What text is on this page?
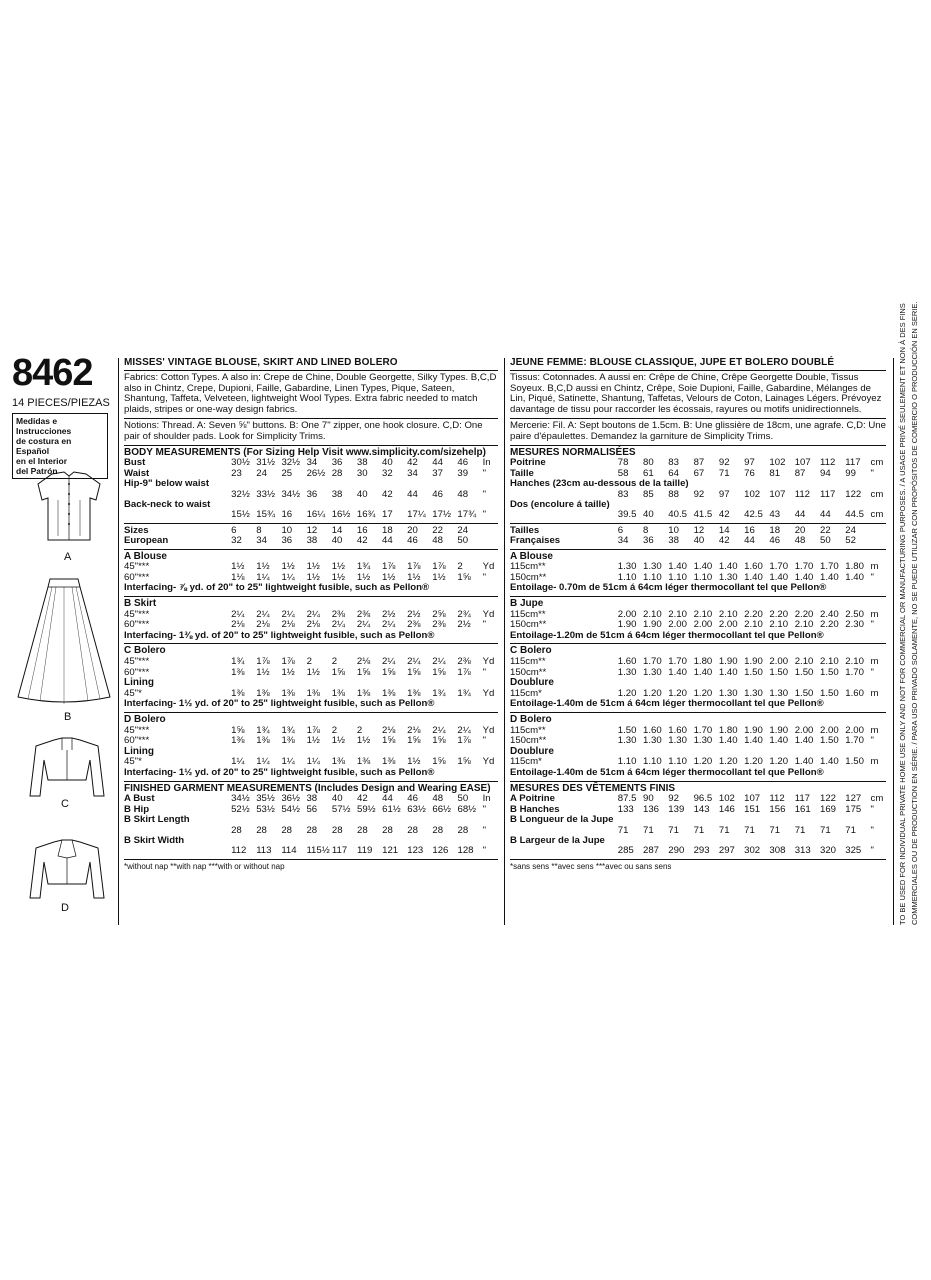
8462
14 PIECES/PIEZAS
Medidas e Instrucciones
de costura en Español
en el Interior
del Patrón
A
B
C
D
MISSES' VINTAGE BLOUSE, SKIRT AND LINED BOLERO
Fabrics: Cotton Types. A also in: Crepe de Chine, Double Georgette, Silky Types. B,C,D also in Chintz, Crepe, Dupioni, Faille, Gabardine, Linen Types, Pique, Sateen, Shantung, Taffeta, Velveteen, lightweight Wool Types. Extra fabric needed to match plaids, stripes or one-way design fabrics.
Notions: Thread. A: Seven ⅝" buttons. B: One 7" zipper, one hook closure. C,D: One pair of shoulder pads. Look for Simplicity Trims.
BODY MEASUREMENTS (For Sizing Help Visit www.simplicity.com/sizehelp)
Bust	30½	31½	32½	34	36	38	40	42	44	46	In
Waist	23	24	25	26½	28	30	32	34	37	39	"
Hip-9" below waist											
	32½	33½	34½	36	38	40	42	44	46	48	"
Back-neck to waist											
	15½	15¾	16	16¼	16½	16¾	17	17¼	17½	17¾	"
Sizes	6	8	10	12	14	16	18	20	22	24	
European	32	34	36	38	40	42	44	46	48	50	
A Blouse
45"***	1½	1½	1½	1½	1½	1¾	1⅞	1⅞	1⅞	2	Yd
60"***	1⅛	1¼	1¼	1½	1½	1½	1½	1½	1½	1⅝	"
Interfacing- ⅞ yd. of 20" to 25" lightweight fusible, such as Pellon®
B Skirt
45"***	2¼	2¼	2¼	2¼	2⅜	2⅜	2½	2½	2⅝	2¾	Yd
60"***	2⅛	2⅛	2⅛	2⅛	2¼	2¼	2¼	2⅜	2⅜	2½	"
Interfacing- 1⅜ yd. of 20" to 25" lightweight fusible, such as Pellon®
C Bolero
45"***	1¾	1⅞	1⅞	2	2	2⅛	2¼	2¼	2¼	2⅜	Yd
60"***	1⅜	1½	1½	1½	1⅝	1⅝	1⅝	1⅝	1⅝	1⅞	"
Lining
45"*	1⅜	1⅜	1⅜	1⅜	1⅜	1⅜	1⅜	1⅜	1¾	1¾	Yd
Interfacing- 1½ yd. of 20" to 25" lightweight fusible, such as Pellon®
D Bolero
45"***	1⅝	1¾	1¾	1⅞	2	2	2⅛	2⅛	2¼	2¼	Yd
60"***	1⅜	1⅜	1⅜	1½	1½	1½	1⅝	1⅝	1⅝	1⅞	"
Lining
45"*	1¼	1¼	1¼	1¼	1⅜	1⅜	1⅜	1½	1⅝	1⅝	Yd
Interfacing- 1½ yd. of 20" to 25" lightweight fusible, such as Pellon®
FINISHED GARMENT MEASUREMENTS (Includes Design and Wearing EASE)
A Bust	34½	35½	36½	38	40	42	44	46	48	50	In
B Hip	52½	53½	54½	56	57½	59½	61½	63½	66½	68½	"
B Skirt Length											
	28	28	28	28	28	28	28	28	28	28	"
B Skirt Width											
	112	113	114	115½	117	119	121	123	126	128	"
*without nap **with nap ***with or without nap
JEUNE FEMME: BLOUSE CLASSIQUE, JUPE ET BOLERO DOUBLÉ
Tissus: Cotonnades. A aussi en: Crêpe de Chine, Crêpe Georgette Double, Tissus Soyeux. B,C,D aussi en Chintz, Crêpe, Soie Dupioni, Faille, Gabardine, Mélanges de Lin, Piqué, Satinette, Shantung, Taffetas, Velours de Coton, Lainages Légers. Prévoyez davantage de tissu pour raccorder les écossais, rayures ou motifs unidirectionnels.
Mercerie: Fil. A: Sept boutons de 1.5cm. B: Une glissière de 18cm, une agrafe. C,D: Une paire d'épaulettes. Demandez la garniture de Simplicity Trims.
MESURES NORMALISÉES
Poitrine	78	80	83	87	92	97	102	107	112	117	cm
Taille	58	61	64	67	71	76	81	87	94	99	"
Hanches (23cm au-dessous de la taille)											
	83	85	88	92	97	102	107	112	117	122	cm
Dos (encolure á taille)											
	39.5	40	40.5	41.5	42	42.5	43	44	44	44.5	cm
Tailles	6	8	10	12	14	16	18	20	22	24	
Françaises	34	36	38	40	42	44	46	48	50	52	
A Blouse
115cm**	1.30	1.30	1.40	1.40	1.40	1.60	1.70	1.70	1.70	1.80	m
150cm**	1.10	1.10	1.10	1.10	1.30	1.40	1.40	1.40	1.40	1.40	"
Entoilage- 0.70m de 51cm á 64cm léger thermocollant tel que Pellon®
B Jupe
115cm**	2.00	2.10	2.10	2.10	2.10	2.20	2.20	2.20	2.40	2.50	m
150cm**	1.90	1.90	2.00	2.00	2.00	2.10	2.10	2.10	2.20	2.30	"
Entoilage-1.20m de 51cm á 64cm léger thermocollant tel que Pellon®
C Bolero
115cm**	1.60	1.70	1.70	1.80	1.90	1.90	2.00	2.10	2.10	2.10	m
150cm**	1.30	1.30	1.40	1.40	1.40	1.50	1.50	1.50	1.50	1.70	"
Doublure
115cm*	1.20	1.20	1.20	1.20	1.30	1.30	1.30	1.50	1.50	1.60	m
Entoilage-1.40m de 51cm á 64cm léger thermocollant tel que Pellon®
D Bolero
115cm**	1.50	1.60	1.60	1.70	1.80	1.90	1.90	2.00	2.00	2.00	m
150cm**	1.30	1.30	1.30	1.30	1.40	1.40	1.40	1.40	1.50	1.70	"
Doublure
115cm*	1.10	1.10	1.10	1.20	1.20	1.20	1.20	1.40	1.40	1.50	m
Entoilage-1.40m de 51cm á 64cm léger thermocollant tel que Pellon®
MESURES DES VÊTEMENTS FINIS
A Poitrine	87.5	90	92	96.5	102	107	112	117	122	127	cm
B Hanches	133	136	139	143	146	151	156	161	169	175	"
B Longueur de la Jupe											
	71	71	71	71	71	71	71	71	71	71	"
B Largeur de la Jupe											
	285	287	290	293	297	302	308	313	320	325	"
*sans sens **avec sens ***avec ou sans sens	TO BE USED FOR INDIVIDUAL PRIVATE HOME USE ONLY AND NOT FOR COMMERCIAL OR MANUFACTURING PURPOSES. / A USAGE PRIVÉ SEULEMENT ET NON À DES FINS COMMERCIALES OU DE PRODUCTION EN SÉRIE. / PARA USO PRIVADO SOLAMENTE, NO SE PUEDE UTILIZAR CON PROPÓSITOS DE COMERCIO O PRODUCCIÓN EN SERIE.
